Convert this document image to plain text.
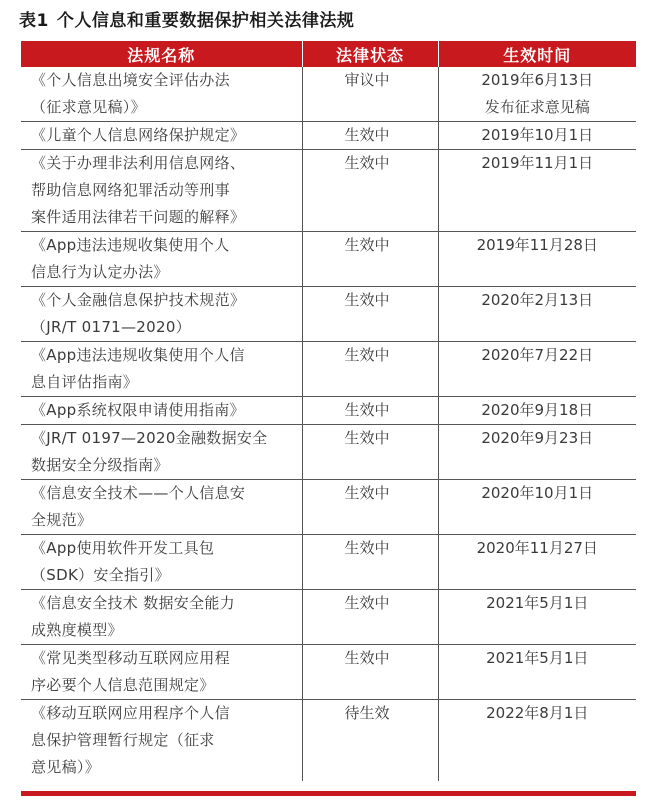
表1 个人信息和重要数据保护相关法律法规
法规名称	法律状态	生效时间

《个人信息出境安全评估办法
（征求意见稿）》	审议中	2019年6月13日
发布征求意见稿

《儿童个人信息网络保护规定》	生效中	2019年10月1日

《关于办理非法利用信息网络、
帮助信息网络犯罪活动等刑事
案件适用法律若干问题的解释》	生效中	2019年11月1日

《App违法违规收集使用个人
信息行为认定办法》	生效中	2019年11月28日

《个人金融信息保护技术规范》
（JR/T 0171—2020）	生效中	2020年2月13日

《App违法违规收集使用个人信
息自评估指南》	生效中	2020年7月22日

《App系统权限申请使用指南》	生效中	2020年9月18日

《JR/T 0197—2020金融数据安全
数据安全分级指南》	生效中	2020年9月23日

《信息安全技术——个人信息安
全规范》	生效中	2020年10月1日

《App使用软件开发工具包
（SDK）安全指引》	生效中	2020年11月27日

《信息安全技术 数据安全能力
成熟度模型》	生效中	2021年5月1日

《常见类型移动互联网应用程
序必要个人信息范围规定》	生效中	2021年5月1日

《移动互联网应用程序个人信
息保护管理暂行规定（征求
意见稿）》	待生效	2022年8月1日
